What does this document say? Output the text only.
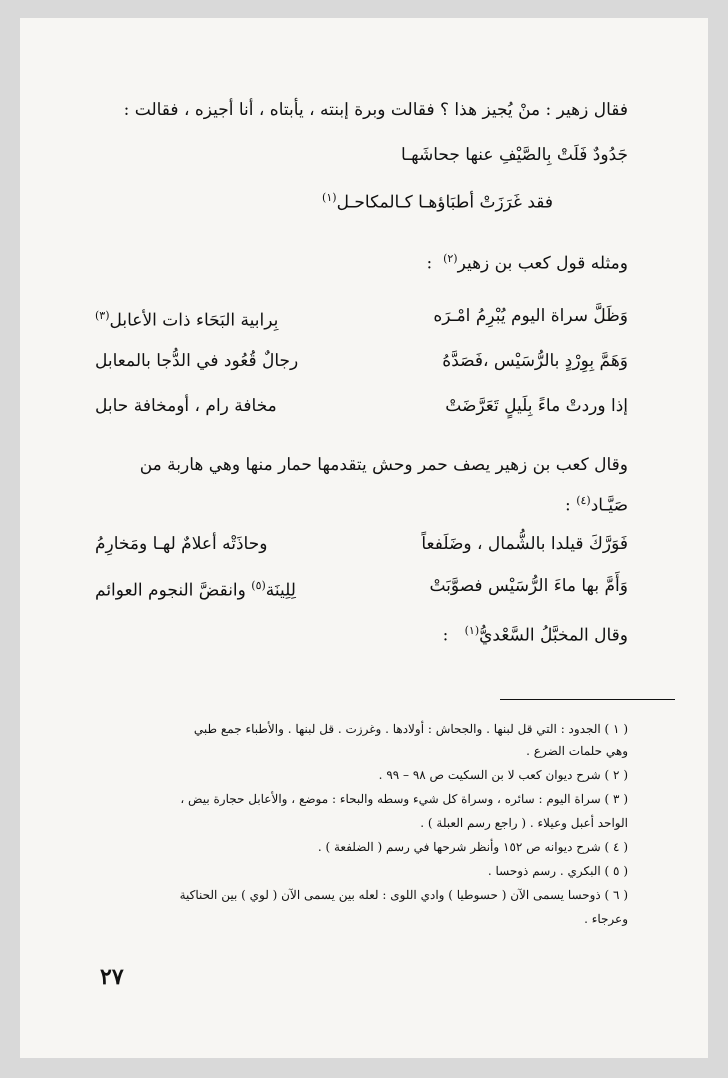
فقال زهير : منْ يُجيز هذا ؟ فقالت وبرة إبنته ، يأبتاه ، أنا أجيزه ، فقالت :
جَدُودٌ فَلَتْ بِالصَّيْفِ عنها جحاشَهـا
فقد غَرَزَتْ أطبَاؤهـا كـالمكاحـل$^{(١)}$
ومثله قول كعب بن زهير$^{(٢)}$  :
وَظَلَّ سراة اليوم يُبْرِمُ امْـرَه
بِرابية البَحَاء ذات الأعابل$^{(٣)}$
وَهَمَّ بِوِرْدٍ بالرُّسَيْس ،فَصَدَّهُ
رجالٌ قُعُود في الدُّجا بالمعابل
إذا وردتْ ماءً بِلَيلٍ تَعَرَّضَتْ
مخافة رام ، أومخافة حابل
وقال كعب بن زهير يصف حمر وحش يتقدمها حمار منها وهي هاربة من
صَيَّـاد$^{(٤)}$ :
فَوَرَّكَ قيلدا بالشُّمال ، وضَلَفعاً
وحاذَتْه أعلامٌ لهـا ومَخارِمُ
وَأَمَّ بها ماءَ الرُّسَيْس فصوَّبَتْ
لِلِينَة$^{(٥)}$ وانقضَّ النجوم العوائم
وقال المخبَّلُ السَّعْديُّ$^{(١)}$   :
( ١ ) الجدود : التي قل لبنها . والجحاش : أولادها . وغرزت . قل لبنها . والأطباء جمع طبي
وهي حلمات الضرع .
( ٢ ) شرح ديوان كعب لا بن السكيت ص ٩٨ – ٩٩ .
( ٣ ) سراة اليوم : سائره ، وسراة كل شيء وسطه والبحاء : موضع ، والأعابل حجارة بيض ،
الواحد أعبل وعيلاء . ( راجع رسم العبلة ) .
( ٤ ) شرح ديوانه ص ١٥٢ وأنظر شرحها في رسم ( الضلفعة ) .
( ٥ ) البكري . رسم ذوحسا .
( ٦ ) ذوحسا يسمى الآن ( حسوطيا ) وادي اللوى : لعله بين يسمى الآن ( لوي ) بين الحناكية
وعرجاء .
٢٧
